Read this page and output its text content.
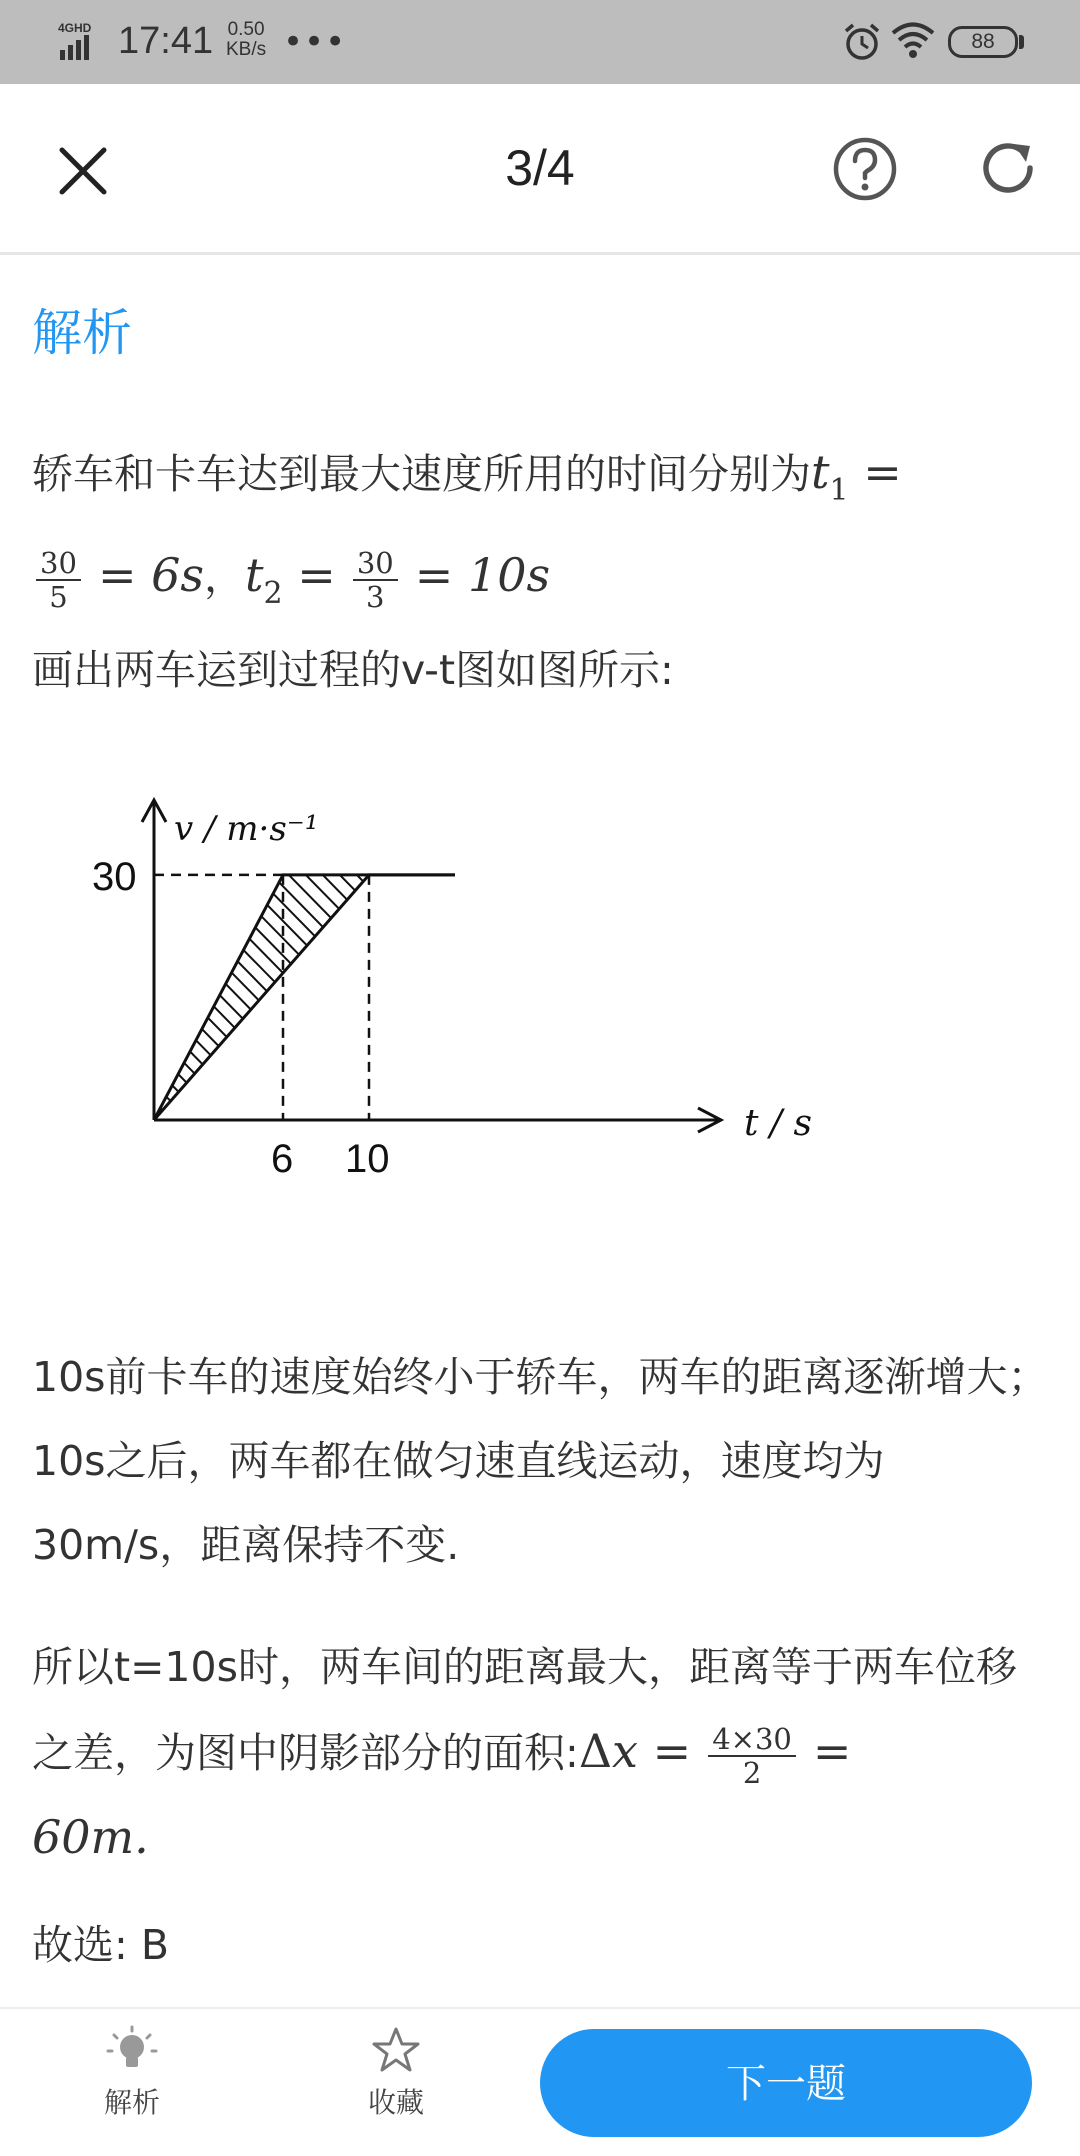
4GHD 17:41 0.50
KB/s •••	88
3/4
解析
轿车和卡车达到最大速度所用的时间分别为$t_1$ =

$\frac{30}{5} = 6s$，$t_2 = \frac{30}{3} = 10s$
画出两车运到过程的v-t图如图所示:
30
6 10
t / s
v / m·s⁻¹
10s前卡车的速度始终小于轿车，两车的距离逐渐增大；10s之后，两车都在做匀速直线运动，速度均为30m/s，距离保持不变.
所以t=10s时，两车间的距离最大，距离等于两车位移之差，为图中阴影部分的面积:Δx = $\frac{4\times 30}{2}$ =
60m.
故选: B
解析	收藏	下一题
